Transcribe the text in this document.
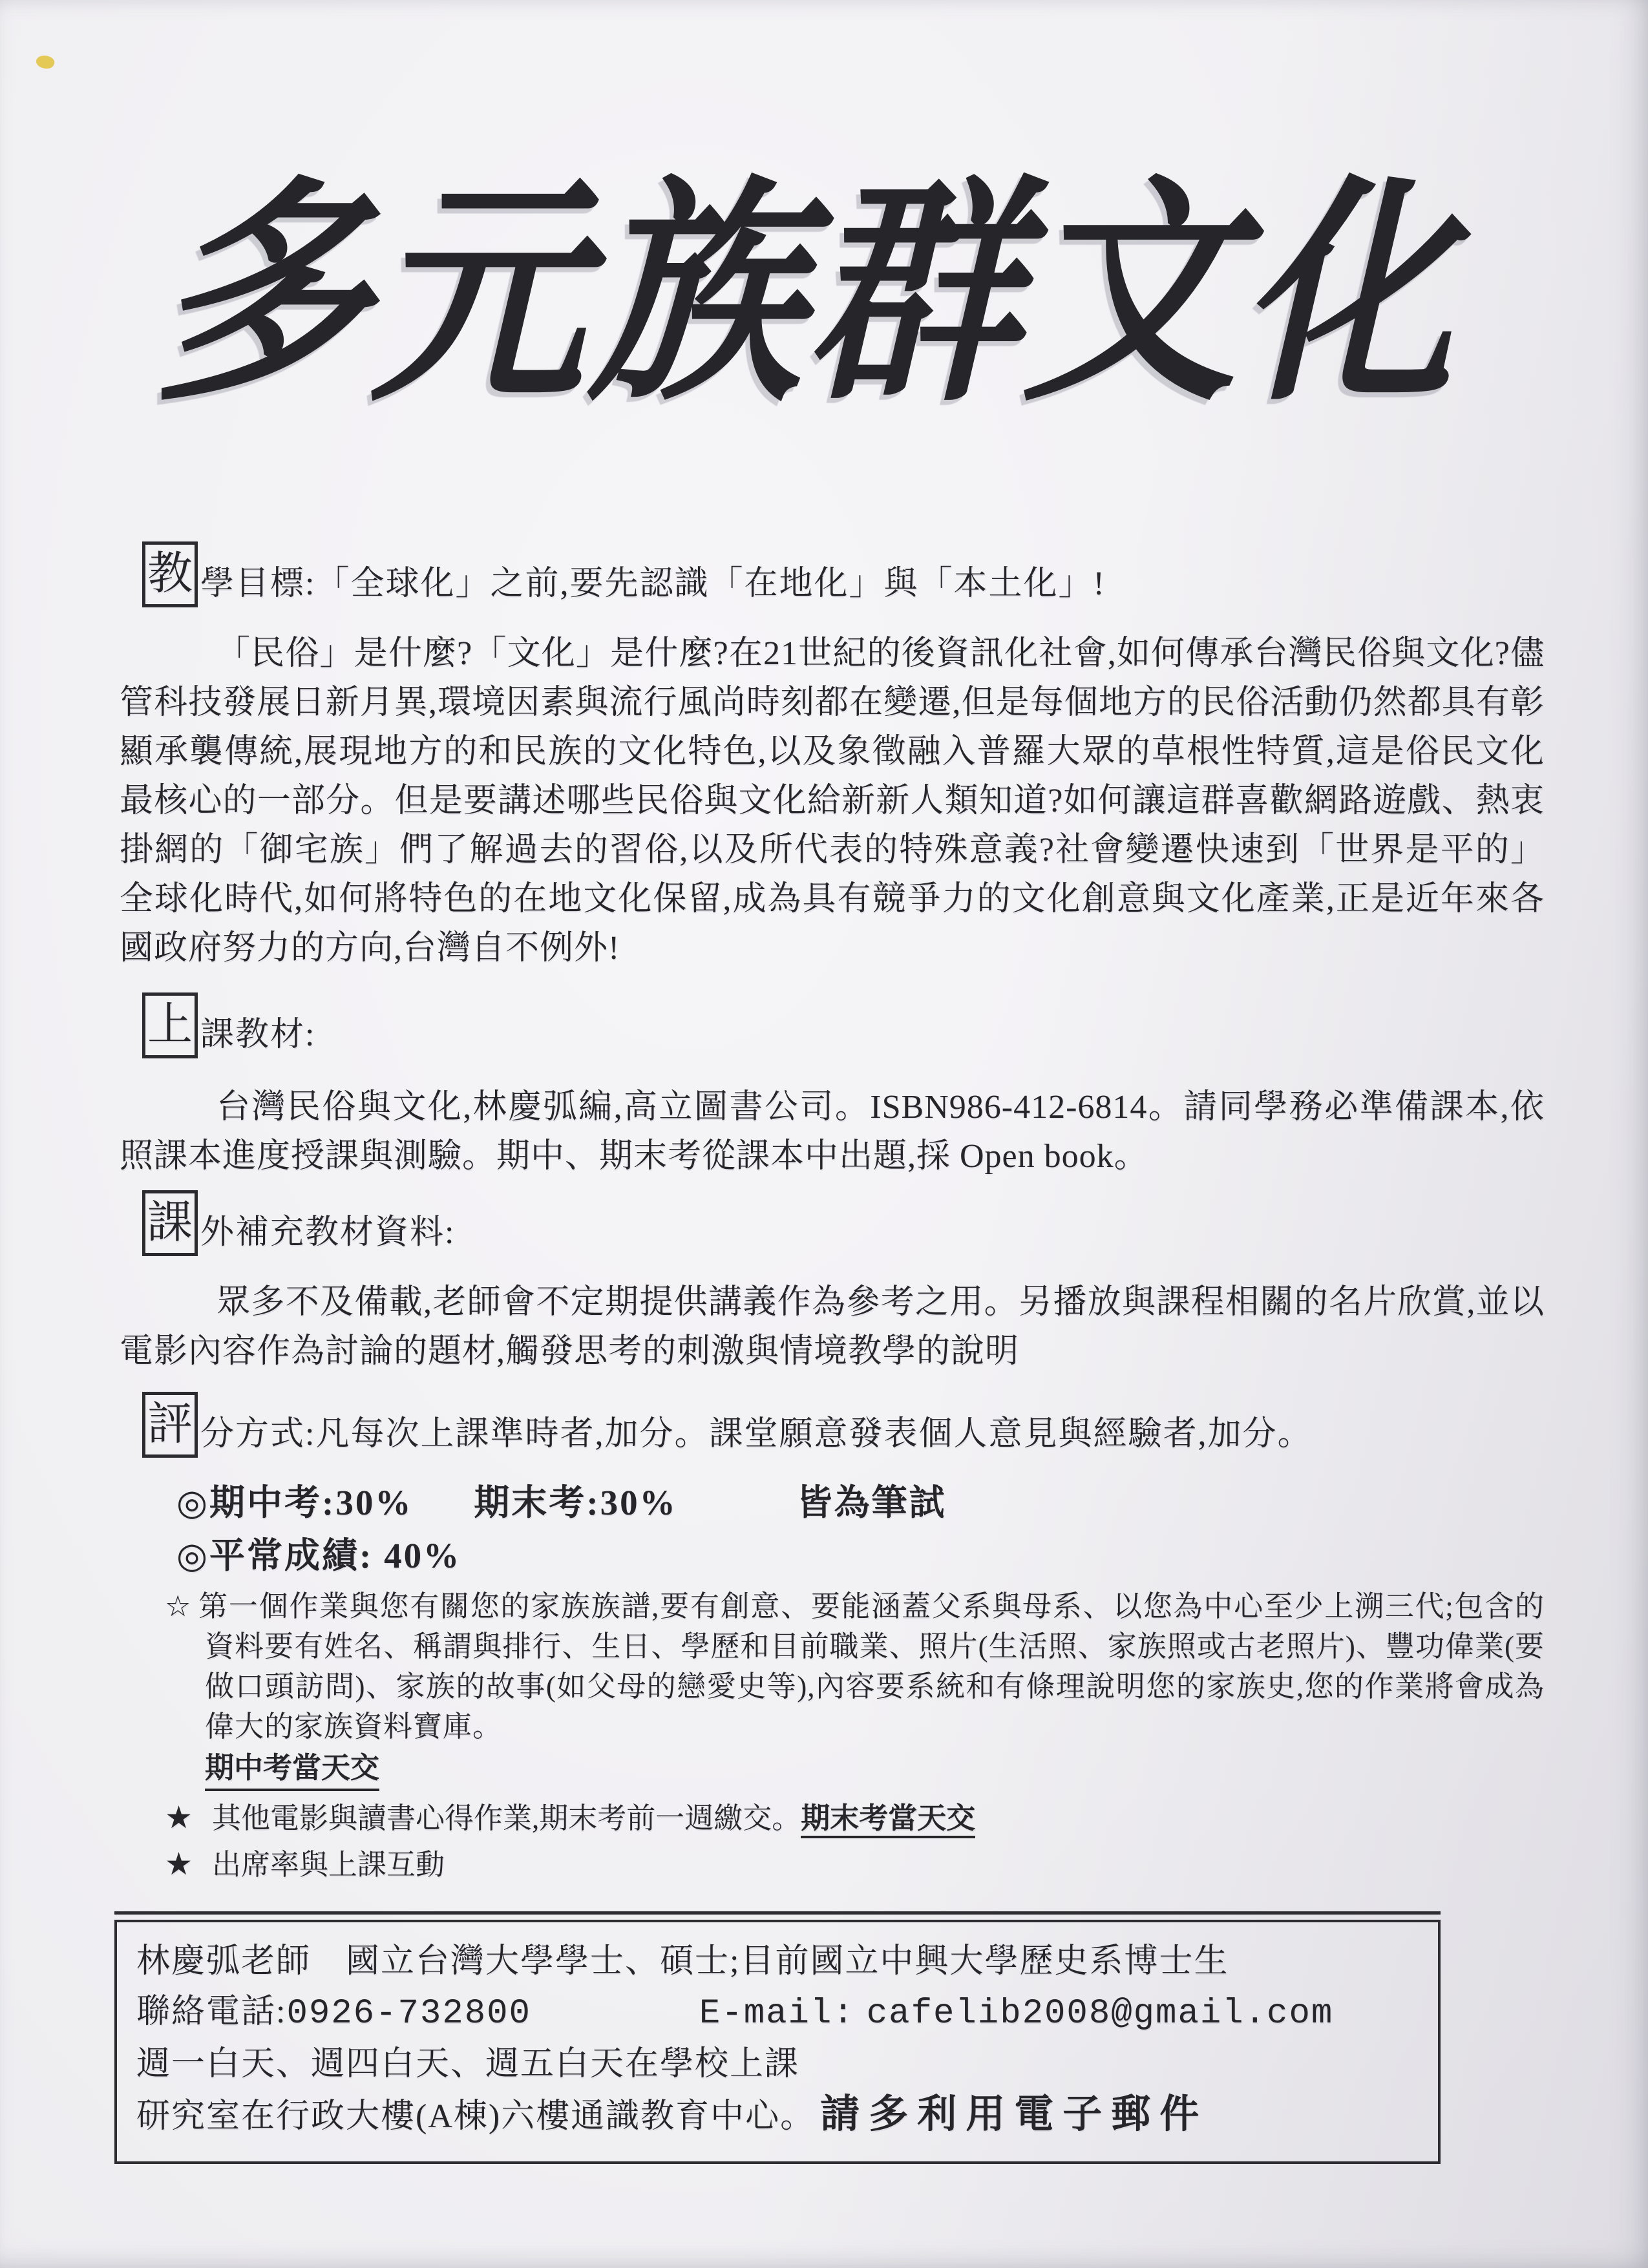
多元族群文化
教 學目標:「全球化」之前,要先認識「在地化」與「本土化」!

「民俗」是什麼?「文化」是什麼?在21世紀的後資訊化社會,如何傳承台灣民俗與文化?儘管科技發展日新月異,環境因素與流行風尚時刻都在變遷,但是每個地方的民俗活動仍然都具有彰顯承襲傳統,展現地方的和民族的文化特色,以及象徵融入普羅大眾的草根性特質,這是俗民文化最核心的一部分。但是要講述哪些民俗與文化給新新人類知道?如何讓這群喜歡網路遊戲、熱衷掛網的「御宅族」們了解過去的習俗,以及所代表的特殊意義?社會變遷快速到「世界是平的」全球化時代,如何將特色的在地文化保留,成為具有競爭力的文化創意與文化產業,正是近年來各國政府努力的方向,台灣自不例外!

上 課教材:

台灣民俗與文化,林慶弧編,高立圖書公司。ISBN986-412-6814。請同學務必準備課本,依照課本進度授課與測驗。期中、期末考從課本中出題,採 Open book。

課 外補充教材資料:

眾多不及備載,老師會不定期提供講義作為參考之用。另播放與課程相關的名片欣賞,並以電影內容作為討論的題材,觸發思考的刺激與情境教學的說明

評 分方式:凡每次上課準時者,加分。課堂願意發表個人意見與經驗者,加分。
◎期中考:30% 期末考:30%	皆為筆試
◎平常成績: 40%
☆ 第一個作業與您有關您的家族族譜,要有創意、要能涵蓋父系與母系、以您為中心至少上溯三代;包含的資料要有姓名、稱謂與排行、生日、學歷和目前職業、照片(生活照、家族照或古老照片)、豐功偉業(要做口頭訪問)、家族的故事(如父母的戀愛史等),內容要系統和有條理說明您的家族史,您的作業將會成為偉大的家族資料寶庫。
期中考當天交
★ 其他電影與讀書心得作業,期末考前一週繳交。期末考當天交
★ 出席率與上課互動
林慶弧老師　國立台灣大學學士、碩士;目前國立中興大學歷史系博士生
聯絡電話:0926-732800	E-mail: cafelib2008@gmail.com
週一白天、週四白天、週五白天在學校上課
研究室在行政大樓(A棟)六樓通識教育中心。 請多利用電子郵件
